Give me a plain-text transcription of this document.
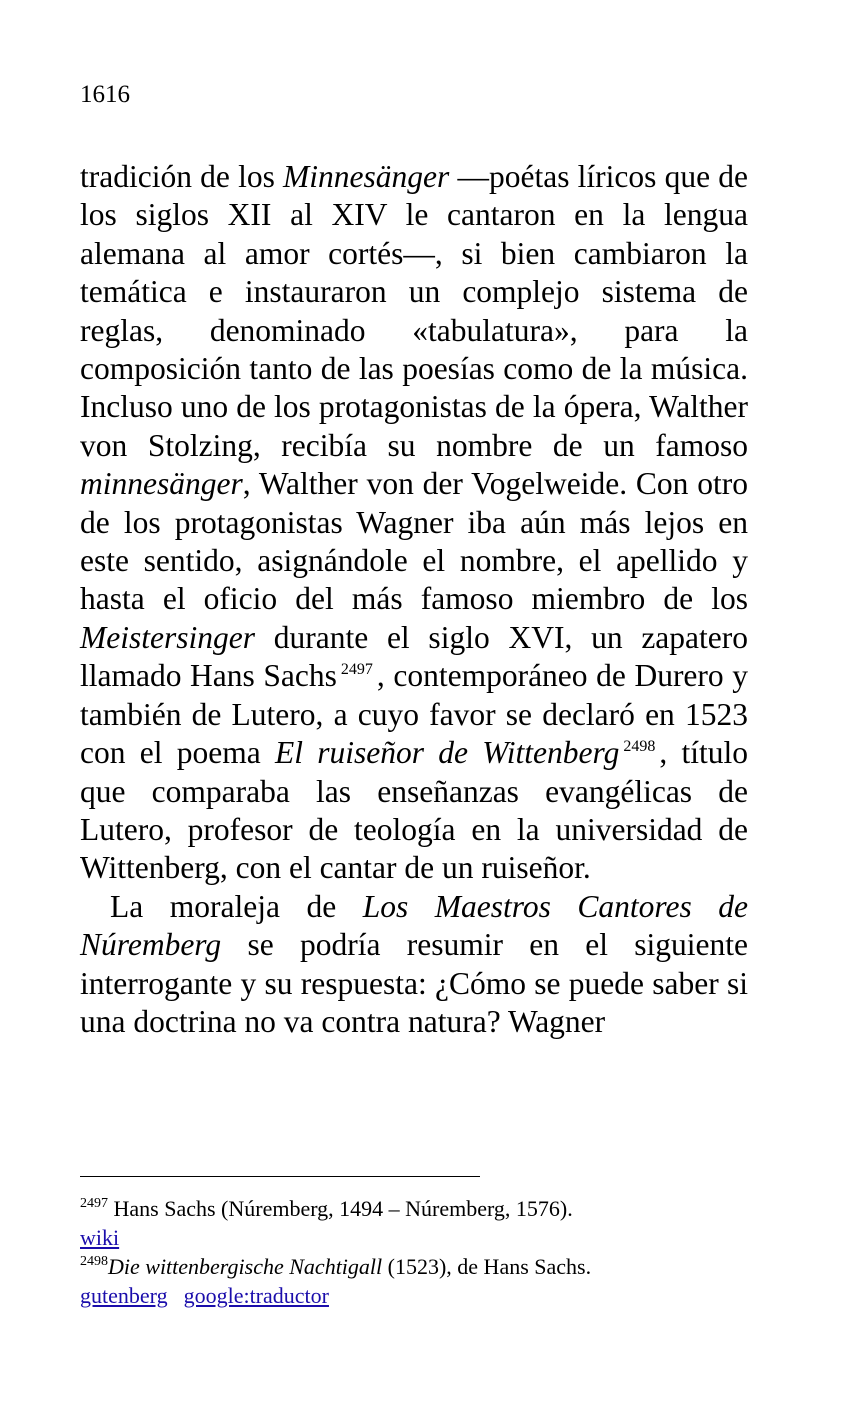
1616

tradición de los Minnesänger —poétas líricos que de los siglos XII al XIV le cantaron en la lengua alemana al amor cortés—, si bien cambiaron la temática e instauraron un complejo sistema de reglas, denominado «tabulatura», para la composición tanto de las poesías como de la música. Incluso uno de los protagonistas de la ópera, Walther von Stolzing, recibía su nombre de un famoso minnesänger, Walther von der Vogelweide. Con otro de los protagonistas Wagner iba aún más lejos en este sentido, asignándole el nombre, el apellido y hasta el oficio del más famoso miembro de los Meistersinger durante el siglo XVI, un zapatero llamado Hans Sachs $^{2497}$ , contemporáneo de Durero y también de Lutero, a cuyo favor se declaró en 1523 con el poema El ruiseñor de Wittenberg $^{2498}$ , título que comparaba las enseñanzas evangélicas de Lutero, profesor de teología en la universidad de Wittenberg, con el cantar de un ruiseñor.

La moraleja de Los Maestros Cantores de Núremberg se podría resumir en el siguiente interrogante y su respuesta: ¿Cómo se puede saber si una doctrina no va contra natura? Wagner

$^{2497}$ Hans Sachs (Núremberg, 1494 – Núremberg, 1576).

wiki

$^{2498}$Die wittenbergische Nachtigall (1523), de Hans Sachs.

gutenberg google:traductor
